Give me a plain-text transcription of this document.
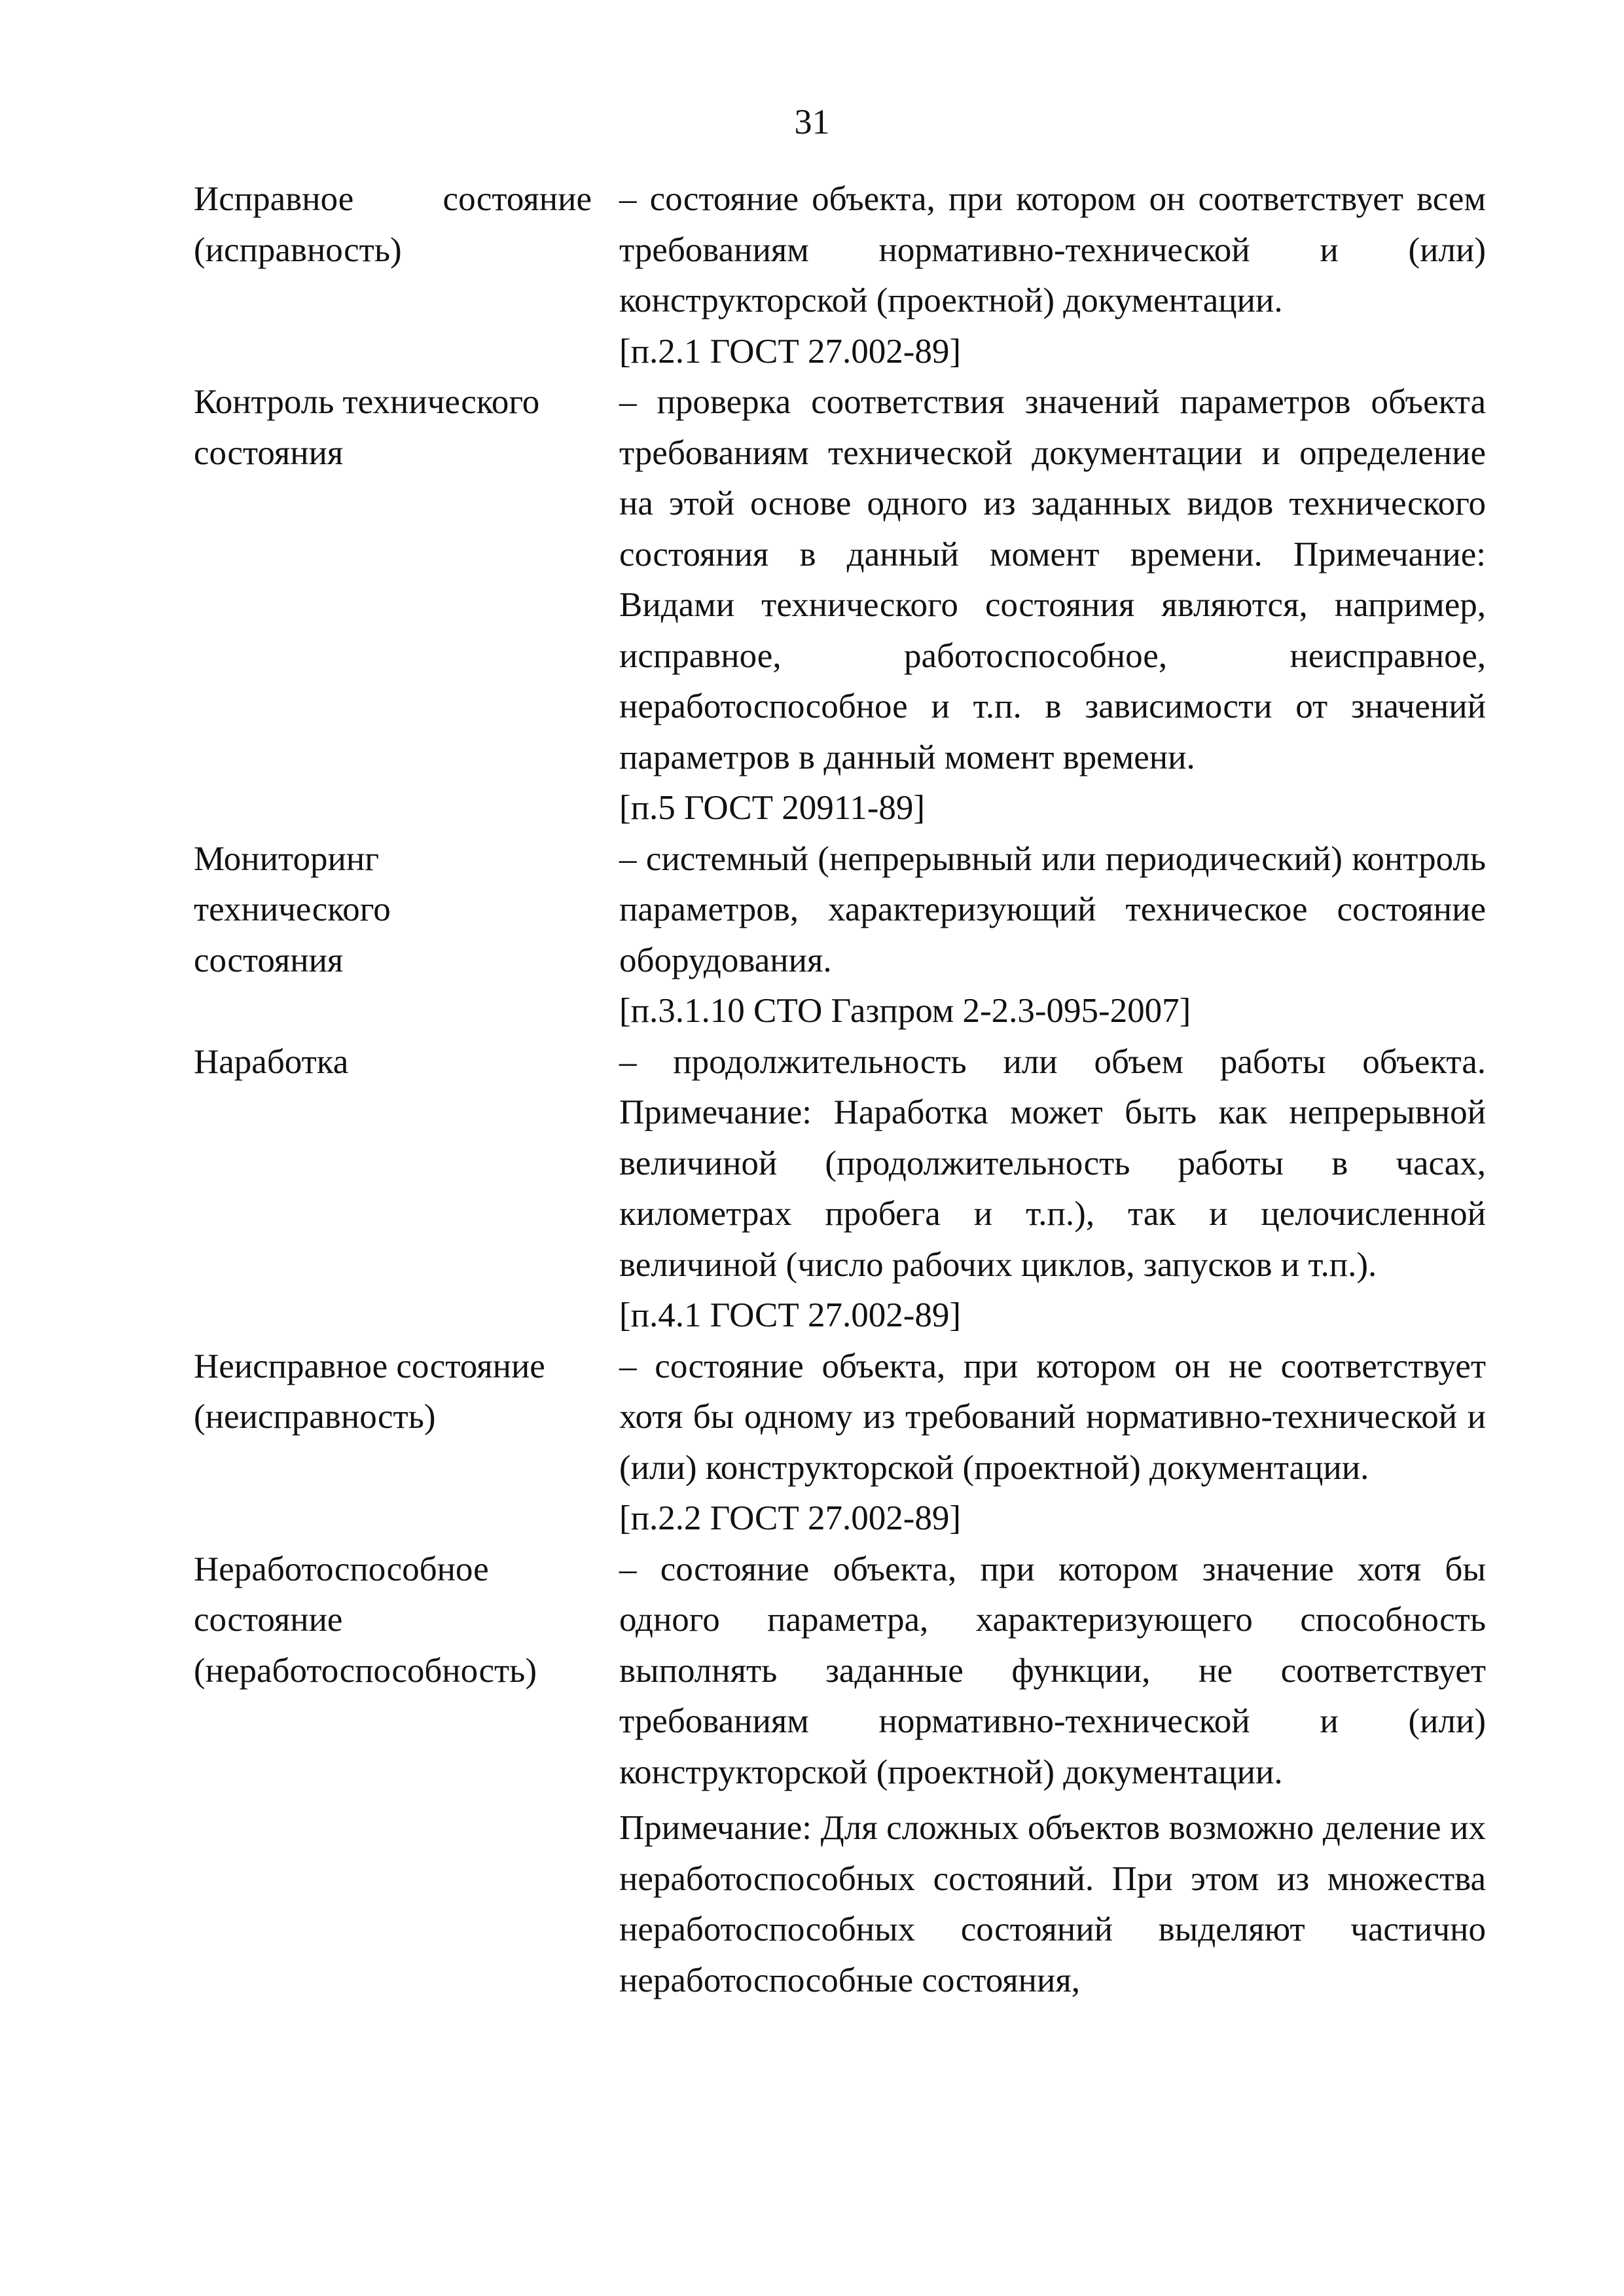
31
Исправное состояние
(исправность)

– состояние объекта, при котором он соответствует всем требованиям нормативно-технической и (или) конструкторской (проектной) документации.

[п.2.1 ГОСТ 27.002-89]

Контроль технического
состояния

– проверка соответствия значений параметров объекта требованиям технической документации и определение на этой основе одного из заданных видов технического состояния в данный момент времени. Примечание: Видами технического состояния являются, например, исправное, работоспособное, неисправное, неработоспособное и т.п. в зависимости от значений параметров в данный момент времени.

[п.5 ГОСТ 20911-89]

Мониторинг
технического
состояния

– системный (непрерывный или периодический) контроль параметров, характеризующий техническое состояние оборудования.

[п.3.1.10 СТО Газпром 2-2.3-095-2007]

Наработка	– продолжительность или объем работы объекта. Примечание: Наработка может быть как непрерывной величиной (продолжительность работы в часах, километрах пробега и т.п.), так и целочисленной величиной (число рабочих циклов, запусков и т.п.).

[п.4.1 ГОСТ 27.002-89]

Неисправное состояние
(неисправность)

– состояние объекта, при котором он не соответствует хотя бы одному из требований нормативно-технической и (или) конструкторской (проектной) документации.

[п.2.2 ГОСТ 27.002-89]

Неработоспособное
состояние
(неработоспособность)

– состояние объекта, при котором значение хотя бы одного параметра, характеризующего способность выполнять заданные функции, не соответствует требованиям нормативно-технической и (или) конструкторской (проектной) документации.

Примечание: Для сложных объектов возможно деление их неработоспособных состояний. При этом из множества неработоспособных состояний выделяют частично неработоспособные состояния,
